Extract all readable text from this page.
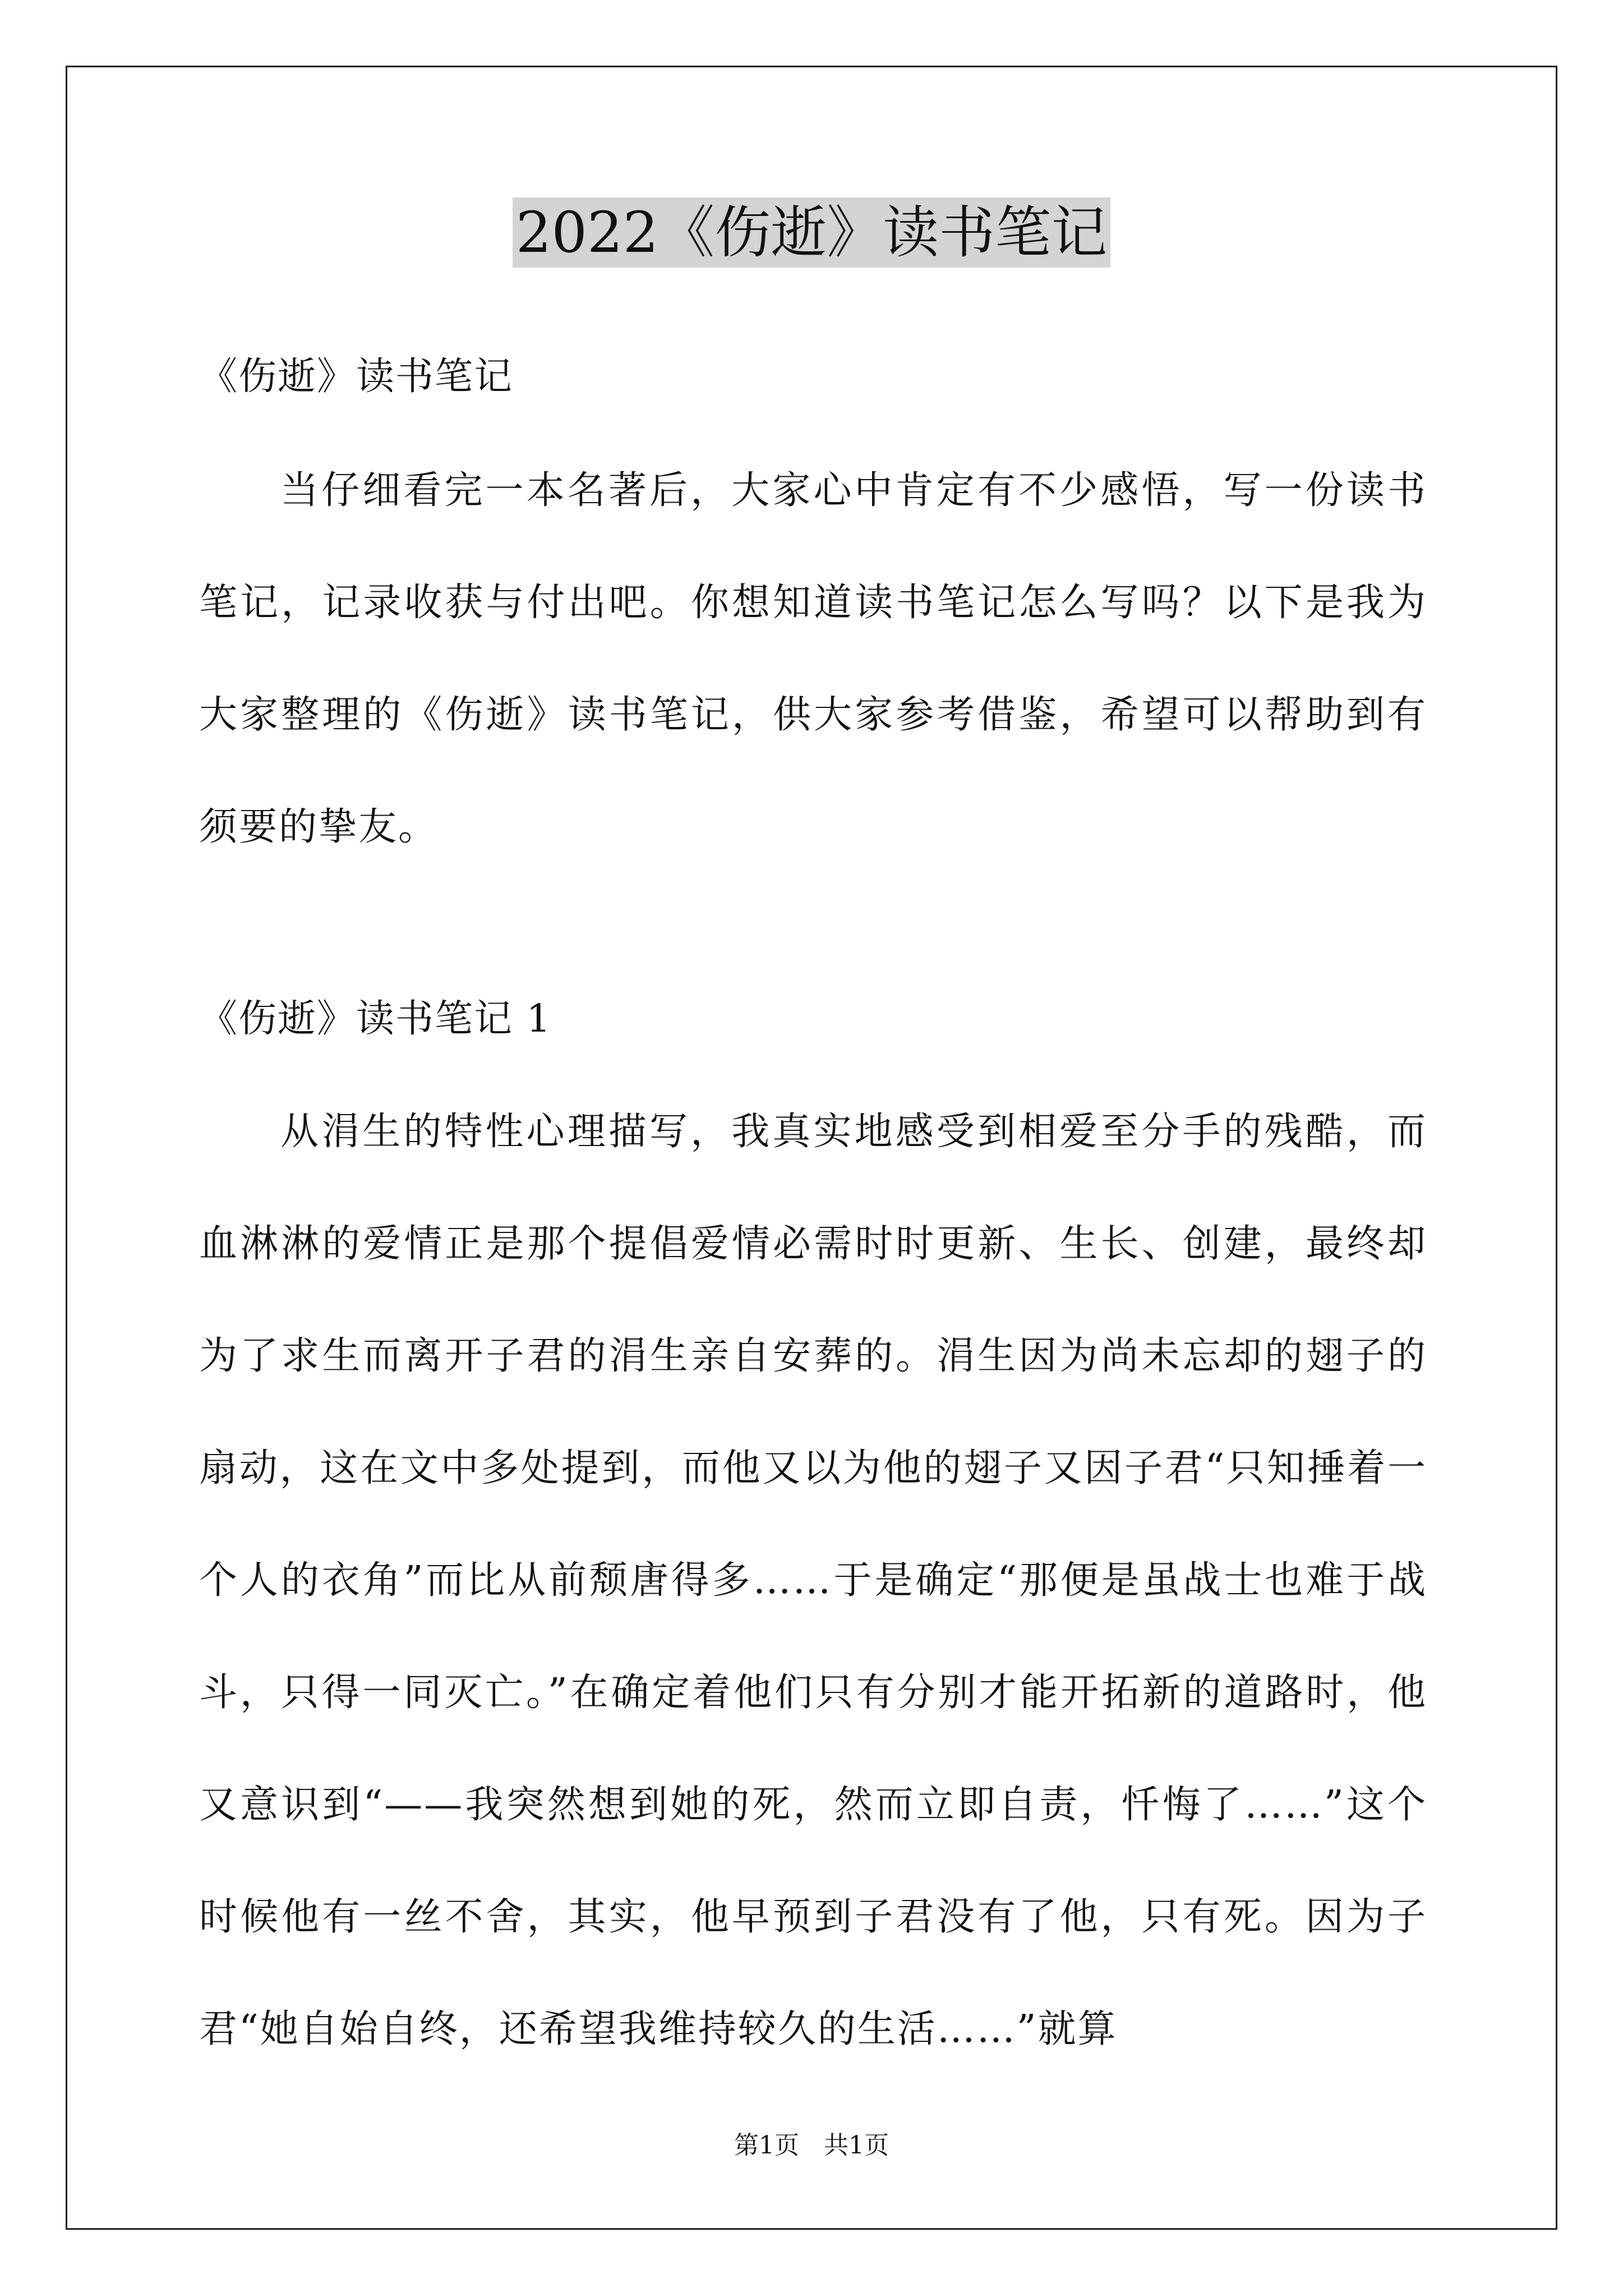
2022《伤逝》读书笔记
《伤逝》读书笔记

当仔细看完一本名著后，大家心中肯定有不少感悟，写一份读书笔记，记录收获与付出吧。你想知道读书笔记怎么写吗？以下是我为大家整理的《伤逝》读书笔记，供大家参考借鉴，希望可以帮助到有须要的挚友。

《伤逝》读书笔记 1

从涓生的特性心理描写，我真实地感受到相爱至分手的残酷，而血淋淋的爱情正是那个提倡爱情必需时时更新、生长、创建，最终却为了求生而离开子君的涓生亲自安葬的。涓生因为尚未忘却的翅子的扇动，这在文中多处提到，而他又以为他的翅子又因子君“只知捶着一个人的衣角”而比从前颓唐得多……于是确定“那便是虽战士也难于战斗，只得一同灭亡。”在确定着他们只有分别才能开拓新的道路时，他又意识到“——我突然想到她的死，然而立即自责，忏悔了……”这个时候他有一丝不舍，其实，他早预到子君没有了他，只有死。因为子君“她自始自终，还希望我维持较久的生活……”就算

第1页　共1页
